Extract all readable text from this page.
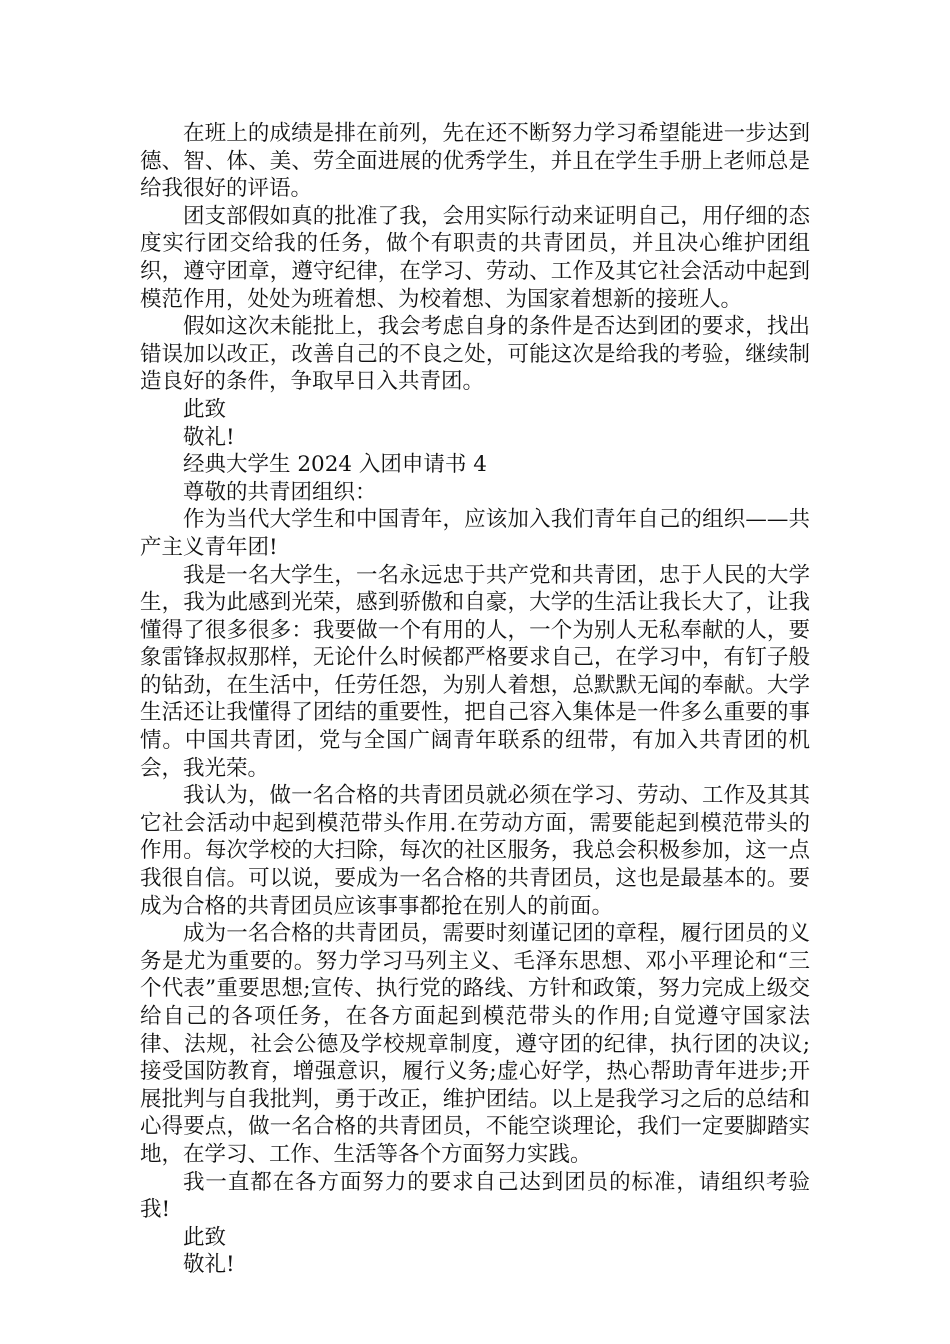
在班上的成绩是排在前列，先在还不断努力学习希望能进一步达到德、智、体、美、劳全面进展的优秀学生，并且在学生手册上老师总是给我很好的评语。

团支部假如真的批准了我，会用实际行动来证明自己，用仔细的态度实行团交给我的任务，做个有职责的共青团员，并且决心维护团组织，遵守团章，遵守纪律，在学习、劳动、工作及其它社会活动中起到模范作用，处处为班着想、为校着想、为国家着想新的接班人。

假如这次未能批上，我会考虑自身的条件是否达到团的要求，找出错误加以改正，改善自己的不良之处，可能这次是给我的考验，继续制造良好的条件，争取早日入共青团。

此致

敬礼!

经典大学生 2024 入团申请书 4

尊敬的共青团组织：

作为当代大学生和中国青年，应该加入我们青年自己的组织——共产主义青年团!

我是一名大学生，一名永远忠于共产党和共青团，忠于人民的大学生，我为此感到光荣，感到骄傲和自豪，大学的生活让我长大了，让我懂得了很多很多：我要做一个有用的人，一个为别人无私奉献的人，要象雷锋叔叔那样，无论什么时候都严格要求自己，在学习中，有钉子般的钻劲，在生活中，任劳任怨，为别人着想，总默默无闻的奉献。大学生活还让我懂得了团结的重要性，把自己容入集体是一件多么重要的事情。中国共青团，党与全国广阔青年联系的纽带，有加入共青团的机会，我光荣。

我认为，做一名合格的共青团员就必须在学习、劳动、工作及其其它社会活动中起到模范带头作用.在劳动方面，需要能起到模范带头的作用。每次学校的大扫除，每次的社区服务，我总会积极参加，这一点我很自信。可以说，要成为一名合格的共青团员，这也是最基本的。要成为合格的共青团员应该事事都抢在别人的前面。

成为一名合格的共青团员，需要时刻谨记团的章程，履行团员的义务是尤为重要的。努力学习马列主义、毛泽东思想、邓小平理论和“三个代表”重要思想;宣传、执行党的路线、方针和政策，努力完成上级交给自己的各项任务，在各方面起到模范带头的作用;自觉遵守国家法律、法规，社会公德及学校规章制度，遵守团的纪律，执行团的决议;接受国防教育，增强意识，履行义务;虚心好学，热心帮助青年进步;开展批判与自我批判，勇于改正，维护团结。以上是我学习之后的总结和心得要点，做一名合格的共青团员，不能空谈理论，我们一定要脚踏实地，在学习、工作、生活等各个方面努力实践。

我一直都在各方面努力的要求自己达到团员的标准，请组织考验我!

此致

敬礼!
